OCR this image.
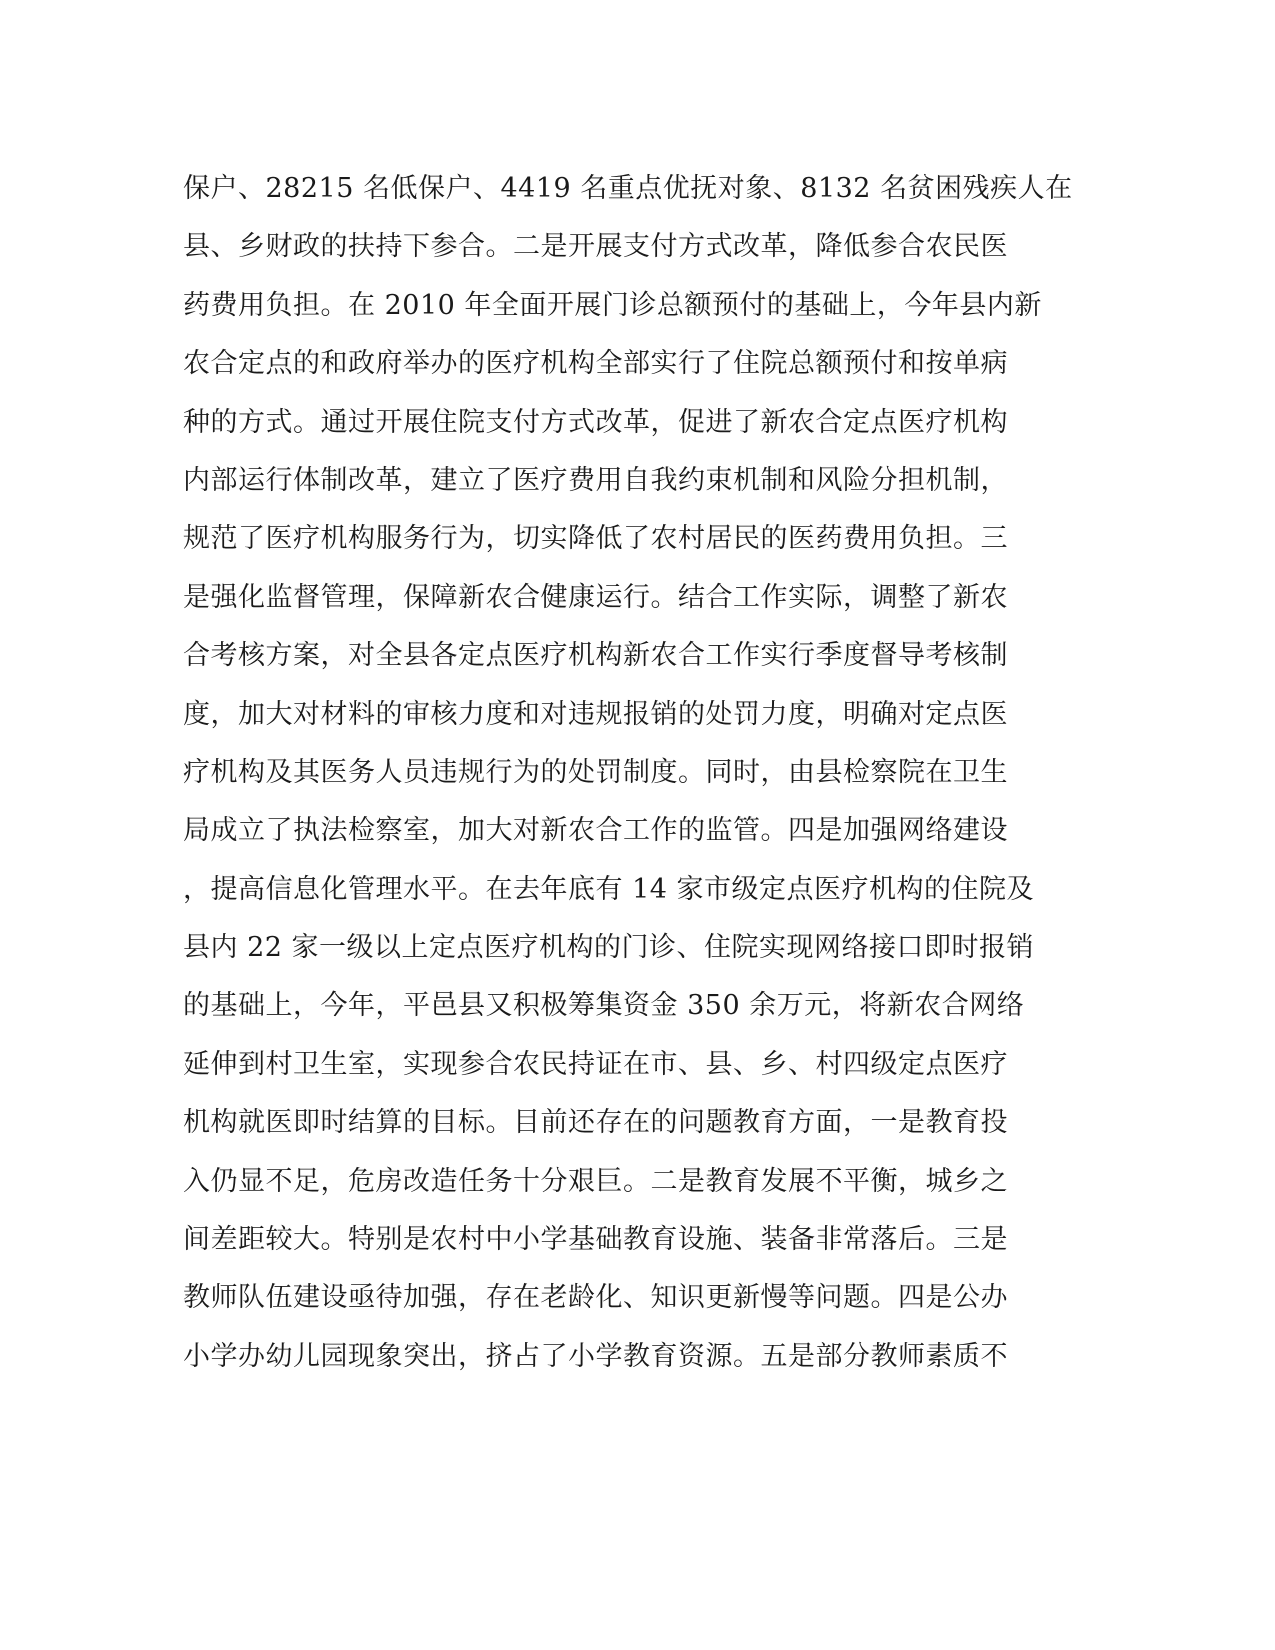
保户、28215 名低保户、4419 名重点优抚对象、8132 名贫困残疾人在
县、乡财政的扶持下参合。二是开展支付方式改革，降低参合农民医
药费用负担。在 2010 年全面开展门诊总额预付的基础上，今年县内新
农合定点的和政府举办的医疗机构全部实行了住院总额预付和按单病
种的方式。通过开展住院支付方式改革，促进了新农合定点医疗机构
内部运行体制改革，建立了医疗费用自我约束机制和风险分担机制，
规范了医疗机构服务行为，切实降低了农村居民的医药费用负担。三
是强化监督管理，保障新农合健康运行。结合工作实际，调整了新农
合考核方案，对全县各定点医疗机构新农合工作实行季度督导考核制
度，加大对材料的审核力度和对违规报销的处罚力度，明确对定点医
疗机构及其医务人员违规行为的处罚制度。同时，由县检察院在卫生
局成立了执法检察室，加大对新农合工作的监管。四是加强网络建设
，提高信息化管理水平。在去年底有 14 家市级定点医疗机构的住院及
县内 22 家一级以上定点医疗机构的门诊、住院实现网络接口即时报销
的基础上，今年，平邑县又积极筹集资金 350 余万元，将新农合网络
延伸到村卫生室，实现参合农民持证在市、县、乡、村四级定点医疗
机构就医即时结算的目标。目前还存在的问题教育方面，一是教育投
入仍显不足，危房改造任务十分艰巨。二是教育发展不平衡，城乡之
间差距较大。特别是农村中小学基础教育设施、装备非常落后。三是
教师队伍建设亟待加强，存在老龄化、知识更新慢等问题。四是公办
小学办幼儿园现象突出，挤占了小学教育资源。五是部分教师素质不
